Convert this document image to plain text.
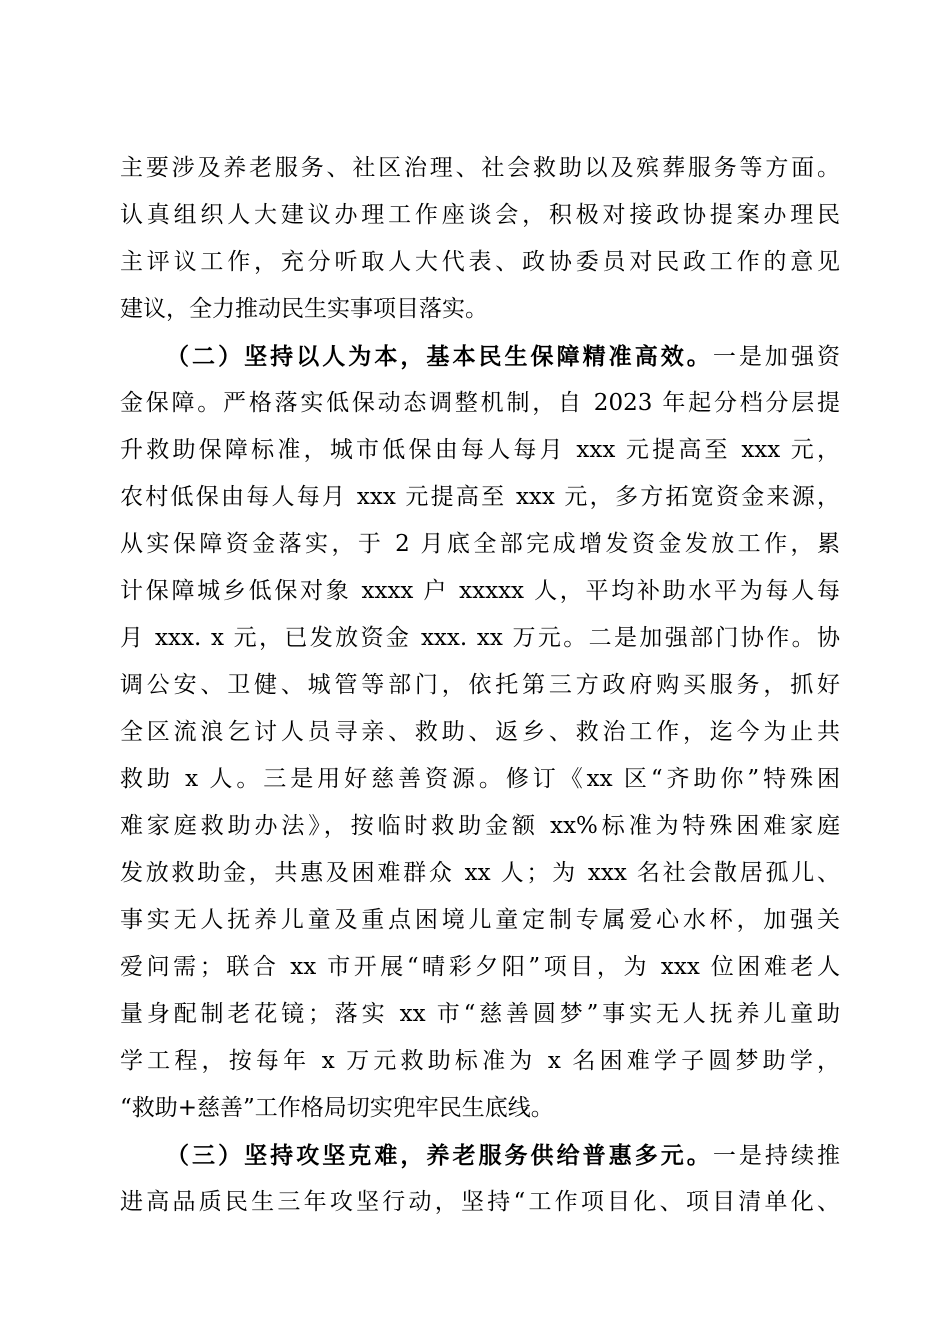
主要涉及养老服务、社区治理、社会救助以及殡葬服务等方面。
认真组织人大建议办理工作座谈会，积极对接政协提案办理民
主评议工作，充分听取人大代表、政协委员对民政工作的意见
建议，全力推动民生实事项目落实。
（二）坚持以人为本，基本民生保障精准高效。一是加强资
金保障。严格落实低保动态调整机制，自 2023 年起分档分层提
升救助保障标准，城市低保由每人每月 xxx 元提高至 xxx 元，
农村低保由每人每月 xxx 元提高至 xxx 元，多方拓宽资金来源，
从实保障资金落实，于 2 月底全部完成增发资金发放工作，累
计保障城乡低保对象 xxxx 户 xxxxx 人，平均补助水平为每人每
月 xxx. x 元，已发放资金 xxx. xx 万元。二是加强部门协作。协
调公安、卫健、城管等部门，依托第三方政府购买服务，抓好
全区流浪乞讨人员寻亲、救助、返乡、救治工作，迄今为止共
救助 x 人。三是用好慈善资源。修订《xx 区“齐助你”特殊困
难家庭救助办法》，按临时救助金额 xx%标准为特殊困难家庭
发放救助金，共惠及困难群众 xx 人；为 xxx 名社会散居孤儿、
事实无人抚养儿童及重点困境儿童定制专属爱心水杯，加强关
爱问需；联合 xx 市开展“晴彩夕阳”项目，为 xxx 位困难老人
量身配制老花镜；落实 xx 市“慈善圆梦”事实无人抚养儿童助
学工程，按每年 x 万元救助标准为 x 名困难学子圆梦助学，
“救助+慈善”工作格局切实兜牢民生底线。
（三）坚持攻坚克难，养老服务供给普惠多元。一是持续推
进高品质民生三年攻坚行动，坚持“工作项目化、项目清单化、
